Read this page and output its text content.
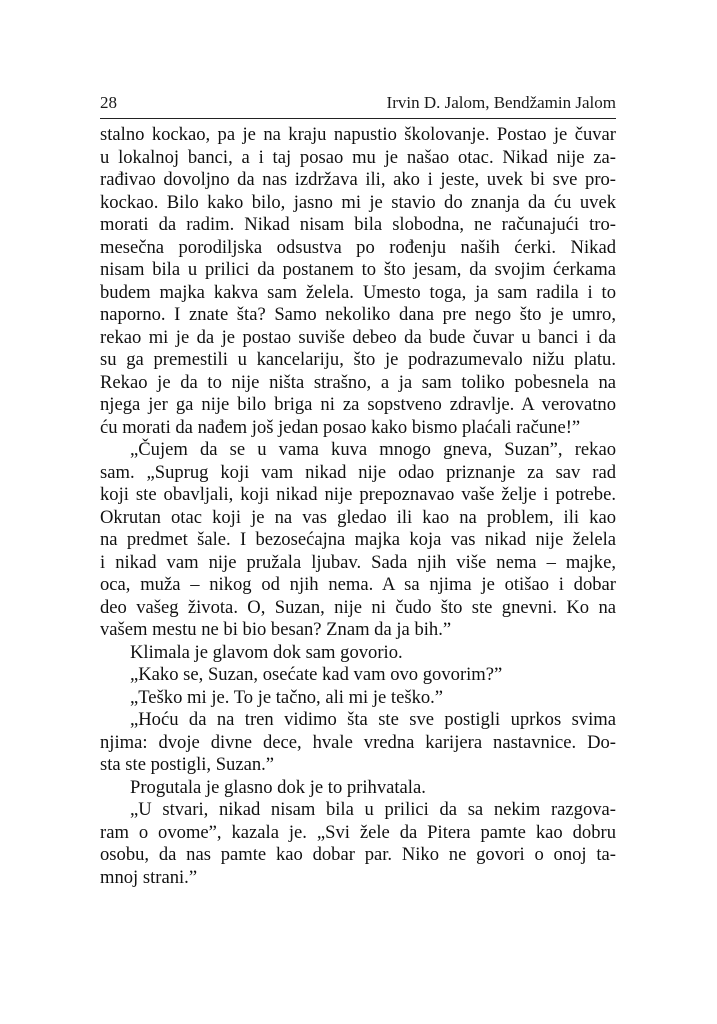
28	Irvin D. Jalom, Bendžamin Jalom
stalno kockao, pa je na kraju napustio školovanje. Postao je čuvar
u lokalnoj banci, a i taj posao mu je našao otac. Nikad nije za-
rađivao dovoljno da nas izdržava ili, ako i jeste, uvek bi sve pro-
kockao. Bilo kako bilo, jasno mi je stavio do znanja da ću uvek
morati da radim. Nikad nisam bila slobodna, ne računajući tro-
mesečna porodiljska odsustva po rođenju naših ćerki. Nikad
nisam bila u prilici da postanem to što jesam, da svojim ćerkama
budem majka kakva sam želela. Umesto toga, ja sam radila i to
naporno. I znate šta? Samo nekoliko dana pre nego što je umro,
rekao mi je da je postao suviše debeo da bude čuvar u banci i da
su ga premestili u kancelariju, što je podrazumevalo nižu platu.
Rekao je da to nije ništa strašno, a ja sam toliko pobesnela na
njega jer ga nije bilo briga ni za sopstveno zdravlje. A verovatno
ću morati da nađem još jedan posao kako bismo plaćali račune!”
„Čujem da se u vama kuva mnogo gneva, Suzan”, rekao
sam. „Suprug koji vam nikad nije odao priznanje za sav rad
koji ste obavljali, koji nikad nije prepoznavao vaše želje i potrebe.
Okrutan otac koji je na vas gledao ili kao na problem, ili kao
na predmet šale. I bezosećajna majka koja vas nikad nije želela
i nikad vam nije pružala ljubav. Sada njih više nema – majke,
oca, muža – nikog od njih nema. A sa njima je otišao i dobar
deo vašeg života. O, Suzan, nije ni čudo što ste gnevni. Ko na
vašem mestu ne bi bio besan? Znam da ja bih.”
Klimala je glavom dok sam govorio.
„Kako se, Suzan, osećate kad vam ovo govorim?”
„Teško mi je. To je tačno, ali mi je teško.”
„Hoću da na tren vidimo šta ste sve postigli uprkos svima
njima: dvoje divne dece, hvale vredna karijera nastavnice. Do-
sta ste postigli, Suzan.”
Progutala je glasno dok je to prihvatala.
„U stvari, nikad nisam bila u prilici da sa nekim razgova-
ram o ovome”, kazala je. „Svi žele da Pitera pamte kao dobru
osobu, da nas pamte kao dobar par. Niko ne govori o onoj ta-
mnoj strani.”
